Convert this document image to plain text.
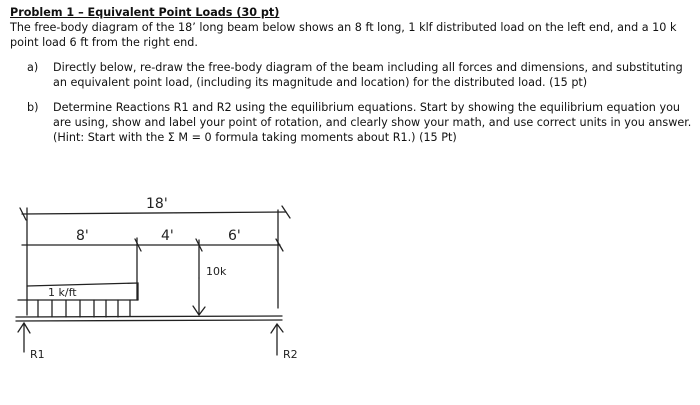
Problem 1 – Equivalent Point Loads (30 pt)

The free-body diagram of the 18’ long beam below shows an 8 ft long, 1 klf distributed load on the left end, and a 10 k point load 6 ft from the right end.

a)	Directly below, re-draw the free-body diagram of the beam including all forces and dimensions, and substituting an equivalent point load, (including its magnitude and location) for the distributed load. (15 pt)
b)	Determine Reactions R1 and R2 using the equilibrium equations. Start by showing the equilibrium equation you are using, show and label your point of rotation, and clearly show your math, and use correct units in you answer. (Hint: Start with the Σ M = 0 formula taking moments about R1.) (15 Pt)
18'
8'	4'	6'
10k
1 k/ft
R1	R2
